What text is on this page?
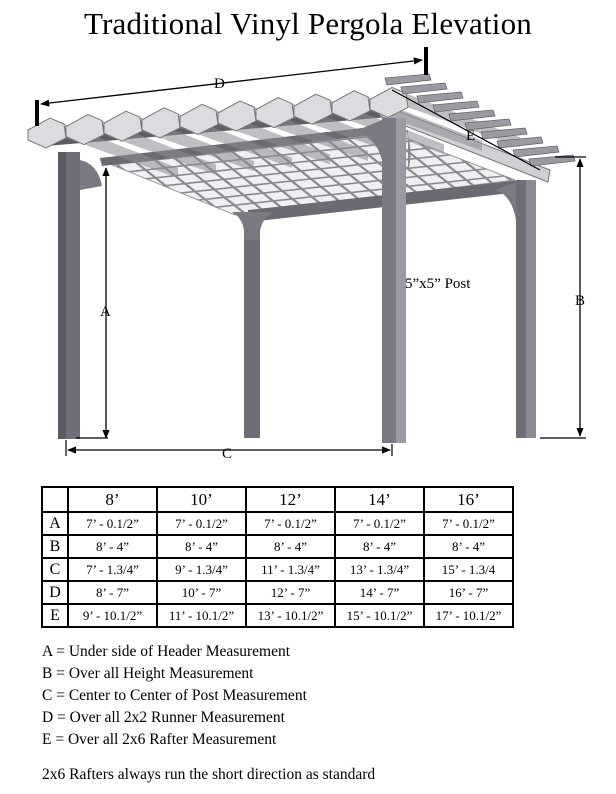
Traditional Vinyl Pergola Elevation
D
A
B
C
E
5”x5” Post
	8’	10’	12’	14’	16’
A	7’ - 0.1/2”	7’ - 0.1/2”	7’ - 0.1/2”	7’ - 0.1/2”	7’ - 0.1/2”
B	8’ - 4”	8’ - 4”	8’ - 4”	8’ - 4”	8’ - 4”
C	7’ - 1.3/4”	9’ - 1.3/4”	11’ - 1.3/4”	13’ - 1.3/4”	15’ - 1.3/4
D	8’ - 7”	10’ - 7”	12’ - 7”	14’ - 7”	16’ - 7”
E	9’ - 10.1/2”	11’ - 10.1/2”	13’ - 10.1/2”	15’ - 10.1/2”	17’ - 10.1/2”
A = Under side of Header Measurement
B = Over all Height Measurement
C = Center to Center of Post Measurement
D = Over all 2x2 Runner Measurement
E = Over all 2x6 Rafter Measurement
2x6 Rafters always run the short direction as standard
